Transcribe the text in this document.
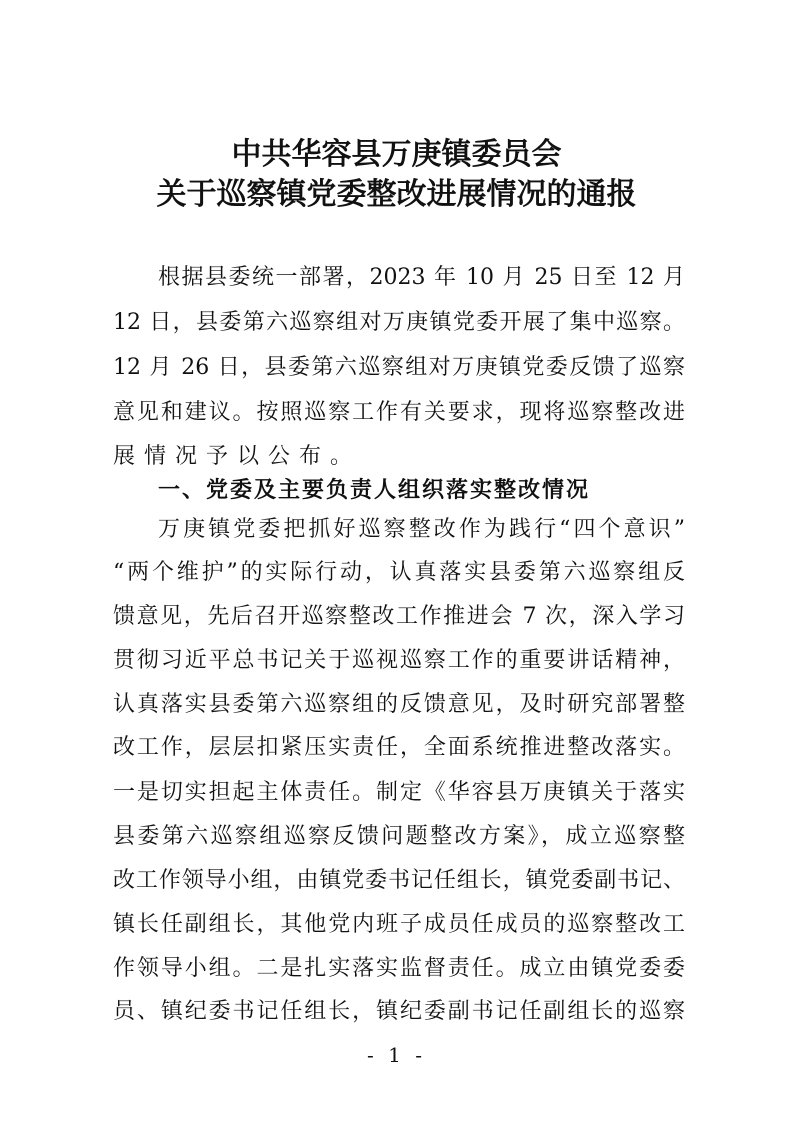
中共华容县万庚镇委员会
关于巡察镇党委整改进展情况的通报
根据县委统一部署，2023 年 10 月 25 日至 12 月
12 日，县委第六巡察组对万庚镇党委开展了集中巡察。
12 月 26 日，县委第六巡察组对万庚镇党委反馈了巡察
意见和建议。按照巡察工作有关要求，现将巡察整改进
展情况予以公布。
一、党委及主要负责人组织落实整改情况
万庚镇党委把抓好巡察整改作为践行“四个意识”
“两个维护”的实际行动，认真落实县委第六巡察组反
馈意见，先后召开巡察整改工作推进会 7 次，深入学习
贯彻习近平总书记关于巡视巡察工作的重要讲话精神，
认真落实县委第六巡察组的反馈意见，及时研究部署整
改工作，层层扣紧压实责任，全面系统推进整改落实。
一是切实担起主体责任。制定《华容县万庚镇关于落实
县委第六巡察组巡察反馈问题整改方案》，成立巡察整
改工作领导小组，由镇党委书记任组长，镇党委副书记、
镇长任副组长，其他党内班子成员任成员的巡察整改工
作领导小组。二是扎实落实监督责任。成立由镇党委委
员、镇纪委书记任组长，镇纪委副书记任副组长的巡察
- 1 -
